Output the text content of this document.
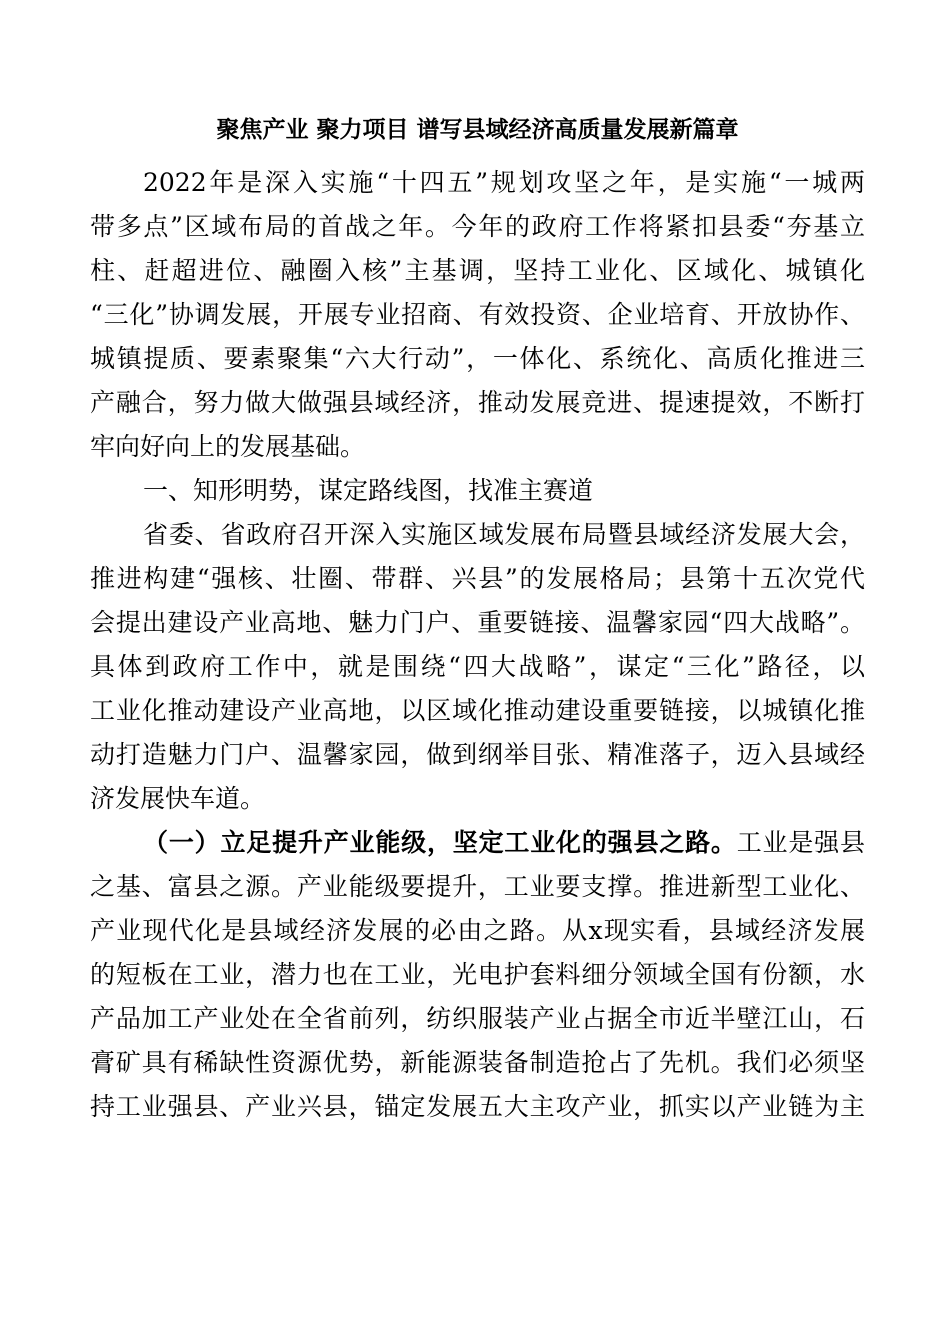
聚焦产业 聚力项目 谱写县域经济高质量发展新篇章
2022年是深入实施“十四五”规划攻坚之年，是实施“一城两
带多点”区域布局的首战之年。今年的政府工作将紧扣县委“夯基立
柱、赶超进位、融圈入核”主基调，坚持工业化、区域化、城镇化
“三化”协调发展，开展专业招商、有效投资、企业培育、开放协作、
城镇提质、要素聚集“六大行动”，一体化、系统化、高质化推进三
产融合，努力做大做强县域经济，推动发展竞进、提速提效，不断打
牢向好向上的发展基础。
一、知形明势，谋定路线图，找准主赛道
省委、省政府召开深入实施区域发展布局暨县域经济发展大会，
推进构建“强核、壮圈、带群、兴县”的发展格局；县第十五次党代
会提出建设产业高地、魅力门户、重要链接、温馨家园“四大战略”。
具体到政府工作中，就是围绕“四大战略”，谋定“三化”路径，以
工业化推动建设产业高地，以区域化推动建设重要链接，以城镇化推
动打造魅力门户、温馨家园，做到纲举目张、精准落子，迈入县域经
济发展快车道。
（一）立足提升产业能级，坚定工业化的强县之路。工业是强县
之基、富县之源。产业能级要提升，工业要支撑。推进新型工业化、
产业现代化是县域经济发展的必由之路。从x现实看，县域经济发展
的短板在工业，潜力也在工业，光电护套料细分领域全国有份额，水
产品加工产业处在全省前列，纺织服装产业占据全市近半壁江山，石
膏矿具有稀缺性资源优势，新能源装备制造抢占了先机。我们必须坚
持工业强县、产业兴县，锚定发展五大主攻产业，抓实以产业链为主
